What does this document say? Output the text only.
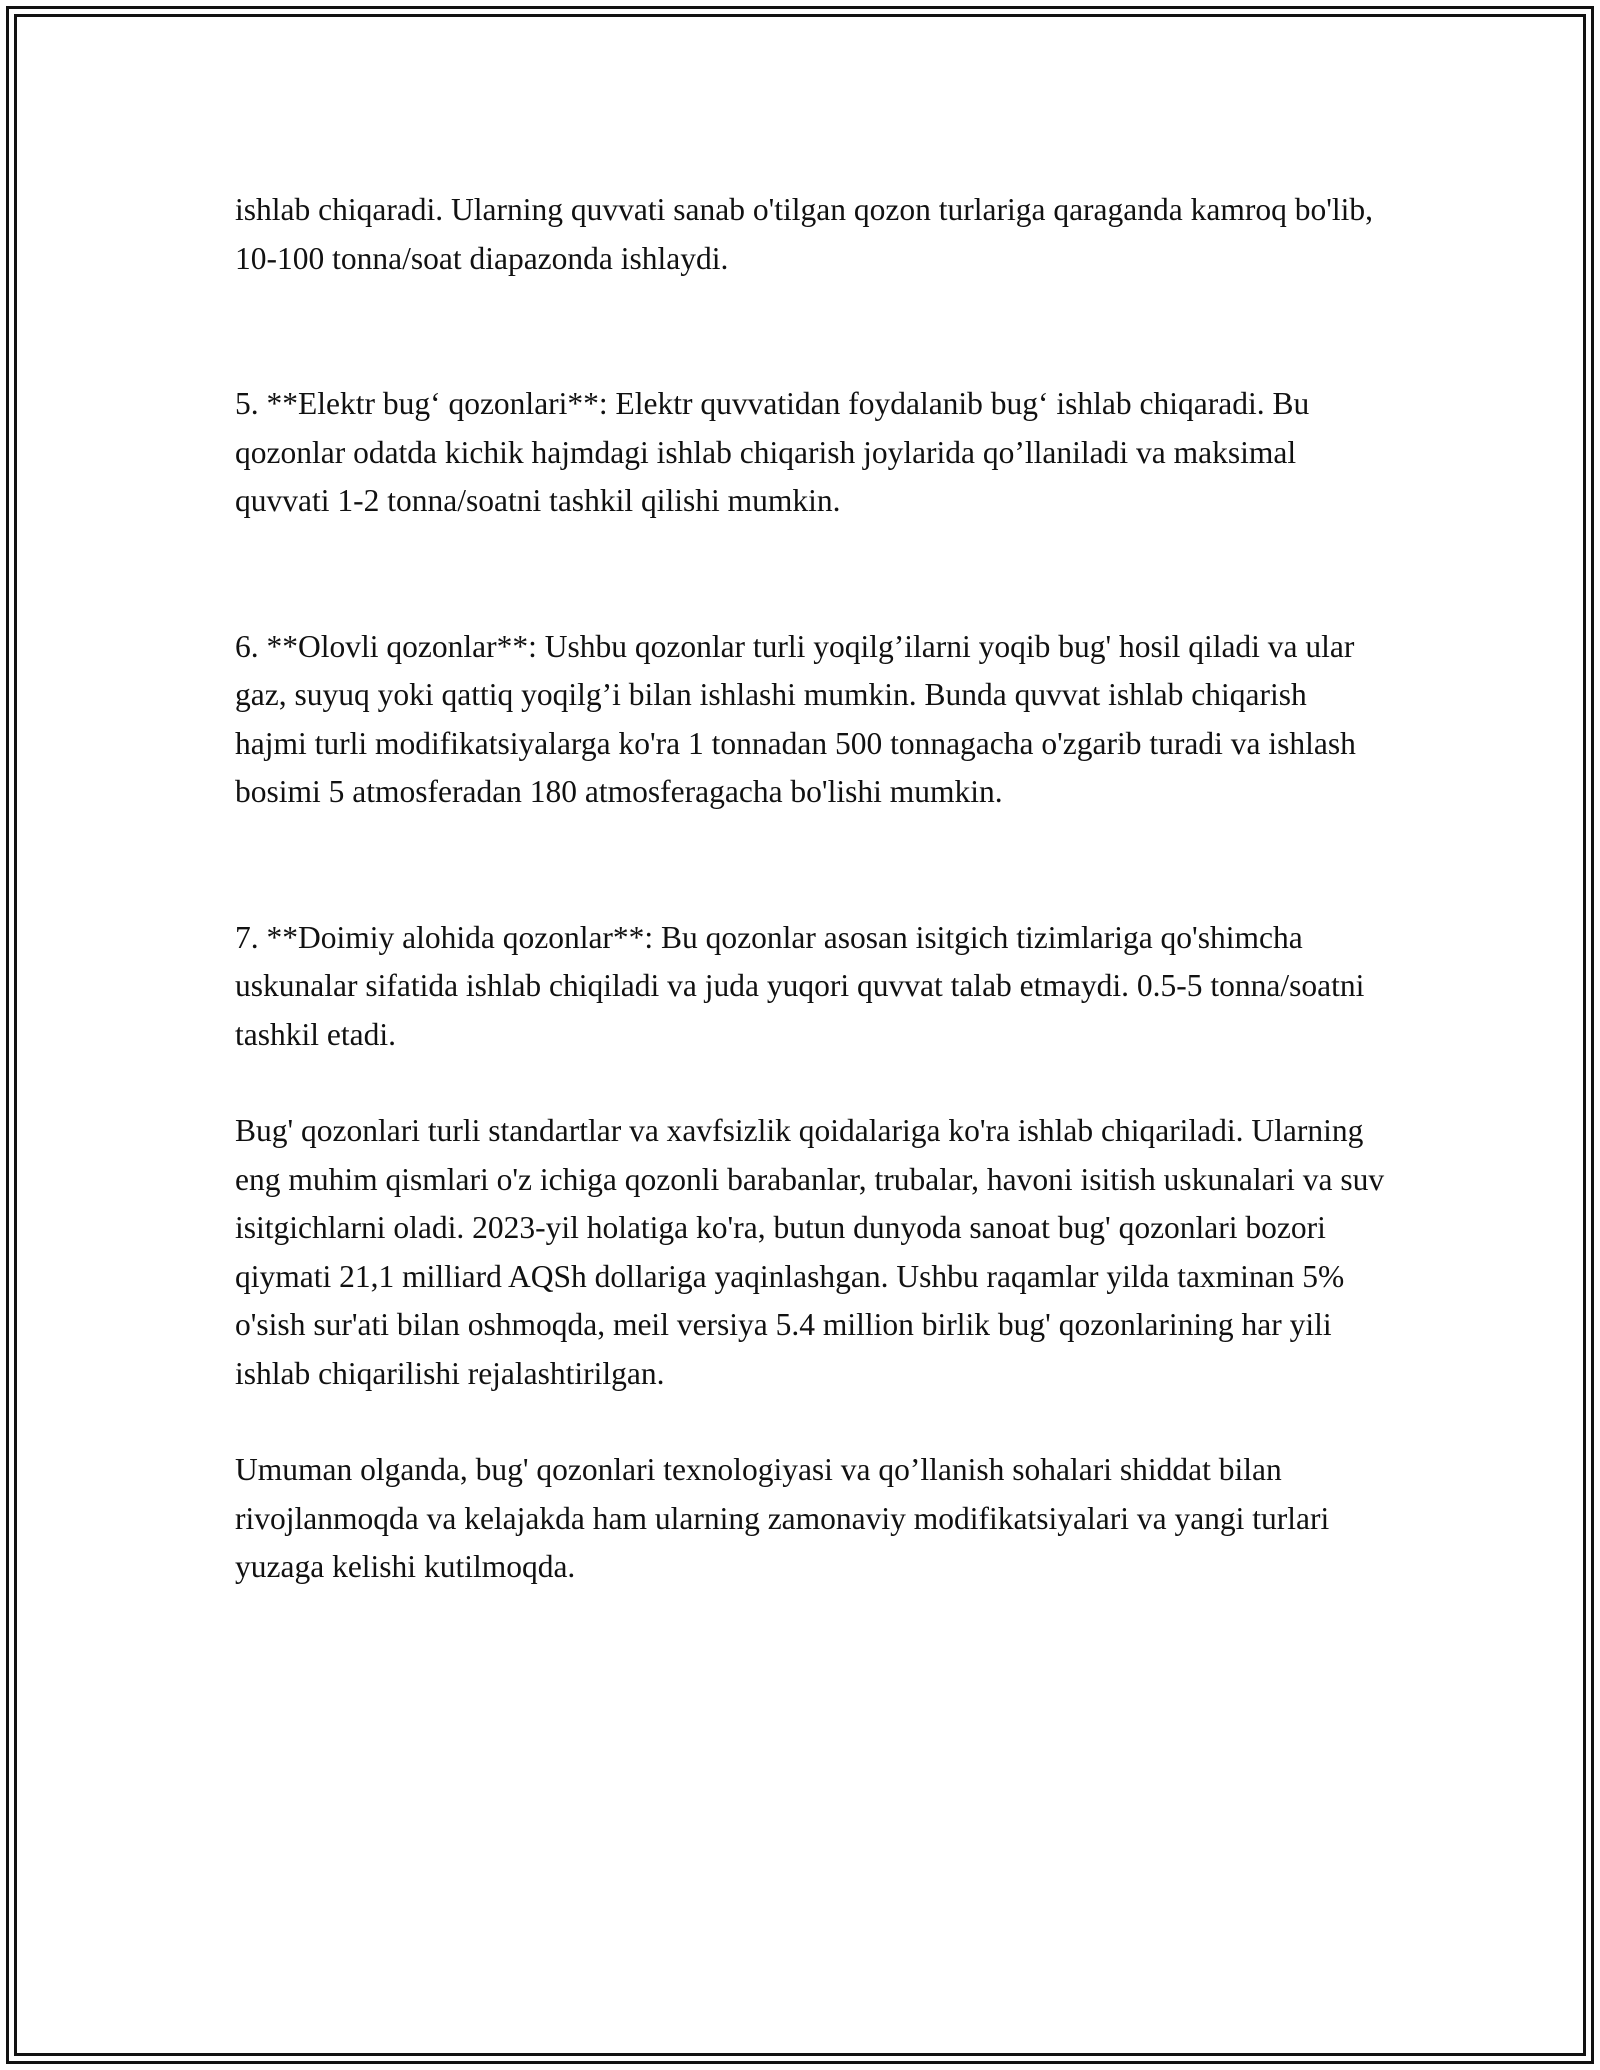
ishlab chiqaradi. Ularning quvvati sanab o'tilgan qozon turlariga qaraganda kamroq bo'lib, 10-100 tonna/soat diapazonda ishlaydi.

5. **Elektr bug‘ qozonlari**: Elektr quvvatidan foydalanib bug‘ ishlab chiqaradi. Bu qozonlar odatda kichik hajmdagi ishlab chiqarish joylarida qo’llaniladi va maksimal quvvati 1-2 tonna/soatni tashkil qilishi mumkin.

6. **Olovli qozonlar**: Ushbu qozonlar turli yoqilg’ilarni yoqib bug' hosil qiladi va ular gaz, suyuq yoki qattiq yoqilg’i bilan ishlashi mumkin. Bunda quvvat ishlab chiqarish hajmi turli modifikatsiyalarga ko'ra 1 tonnadan 500 tonnagacha o'zgarib turadi va ishlash bosimi 5 atmosferadan 180 atmosferagacha bo'lishi mumkin.

7. **Doimiy alohida qozonlar**: Bu qozonlar asosan isitgich tizimlariga qo'shimcha uskunalar sifatida ishlab chiqiladi va juda yuqori quvvat talab etmaydi. 0.5-5 tonna/soatni tashkil etadi.

Bug' qozonlari turli standartlar va xavfsizlik qoidalariga ko'ra ishlab chiqariladi. Ularning eng muhim qismlari o'z ichiga qozonli barabanlar, trubalar, havoni isitish uskunalari va suv isitgichlarni oladi. 2023-yil holatiga ko'ra, butun dunyoda sanoat bug' qozonlari bozori qiymati 21,1 milliard AQSh dollariga yaqinlashgan. Ushbu raqamlar yilda taxminan 5% o'sish sur'ati bilan oshmoqda, meil versiya 5.4 million birlik bug' qozonlarining har yili ishlab chiqarilishi rejalashtirilgan.

Umuman olganda, bug' qozonlari texnologiyasi va qo’llanish sohalari shiddat bilan rivojlanmoqda va kelajakda ham ularning zamonaviy modifikatsiyalari va yangi turlari yuzaga kelishi kutilmoqda.
